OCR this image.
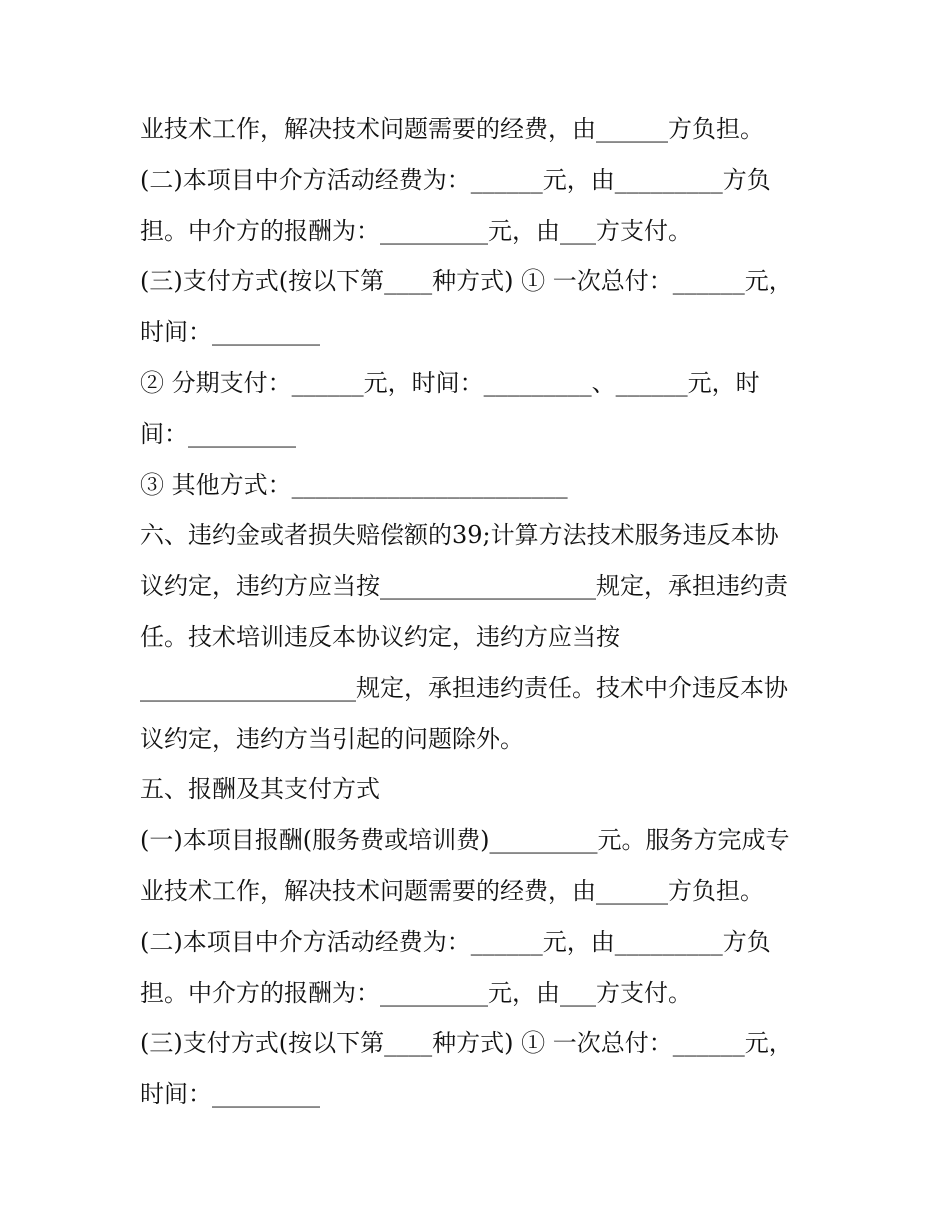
业技术工作，解决技术问题需要的经费，由______方负担。
(二)本项目中介方活动经费为：______元，由_________方负
担。中介方的报酬为：_________元，由___方支付。
(三)支付方式(按以下第____种方式) ① 一次总付：______元，
时间：_________
② 分期支付：______元，时间：_________、______元，时
间：_________
③ 其他方式：_______________________
六、违约金或者损失赔偿额的39;计算方法技术服务违反本协
议约定，违约方应当按__________________规定，承担违约责
任。技术培训违反本协议约定，违约方应当按
__________________规定，承担违约责任。技术中介违反本协
议约定，违约方当引起的问题除外。
五、报酬及其支付方式
(一)本项目报酬(服务费或培训费)_________元。服务方完成专
业技术工作，解决技术问题需要的经费，由______方负担。
(二)本项目中介方活动经费为：______元，由_________方负
担。中介方的报酬为：_________元，由___方支付。
(三)支付方式(按以下第____种方式) ① 一次总付：______元，
时间：_________
